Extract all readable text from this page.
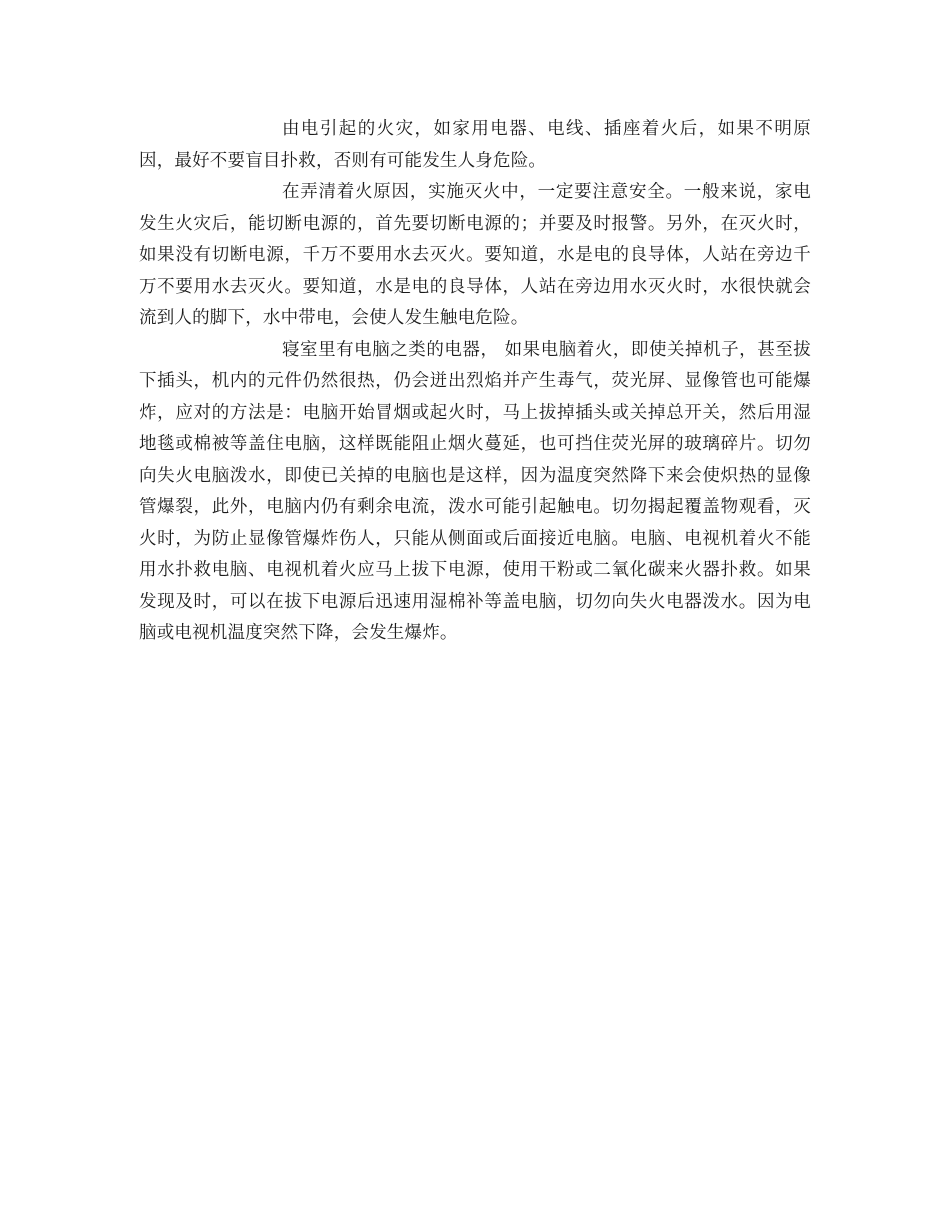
由电引起的火灾，如家用电器、电线、插座着火后，如果不明原因，最好不要盲目扑救，否则有可能发生人身危险。

在弄清着火原因，实施灭火中，一定要注意安全。一般来说，家电发生火灾后，能切断电源的，首先要切断电源的；并要及时报警。另外，在灭火时，如果没有切断电源，千万不要用水去灭火。要知道，水是电的良导体，人站在旁边千万不要用水去灭火。要知道，水是电的良导体，人站在旁边用水灭火时，水很快就会流到人的脚下，水中带电，会使人发生触电危险。

寝室里有电脑之类的电器， 如果电脑着火，即使关掉机子，甚至拔下插头，机内的元件仍然很热，仍会迸出烈焰并产生毒气，荧光屏、显像管也可能爆炸，应对的方法是：电脑开始冒烟或起火时，马上拔掉插头或关掉总开关，然后用湿地毯或棉被等盖住电脑，这样既能阻止烟火蔓延，也可挡住荧光屏的玻璃碎片。切勿向失火电脑泼水，即使已关掉的电脑也是这样，因为温度突然降下来会使炽热的显像管爆裂，此外，电脑内仍有剩余电流，泼水可能引起触电。切勿揭起覆盖物观看，灭火时，为防止显像管爆炸伤人，只能从侧面或后面接近电脑。电脑、电视机着火不能用水扑救电脑、电视机着火应马上拔下电源，使用干粉或二氧化碳来火器扑救。如果发现及时，可以在拔下电源后迅速用湿棉补等盖电脑，切勿向失火电器泼水。因为电脑或电视机温度突然下降，会发生爆炸。
